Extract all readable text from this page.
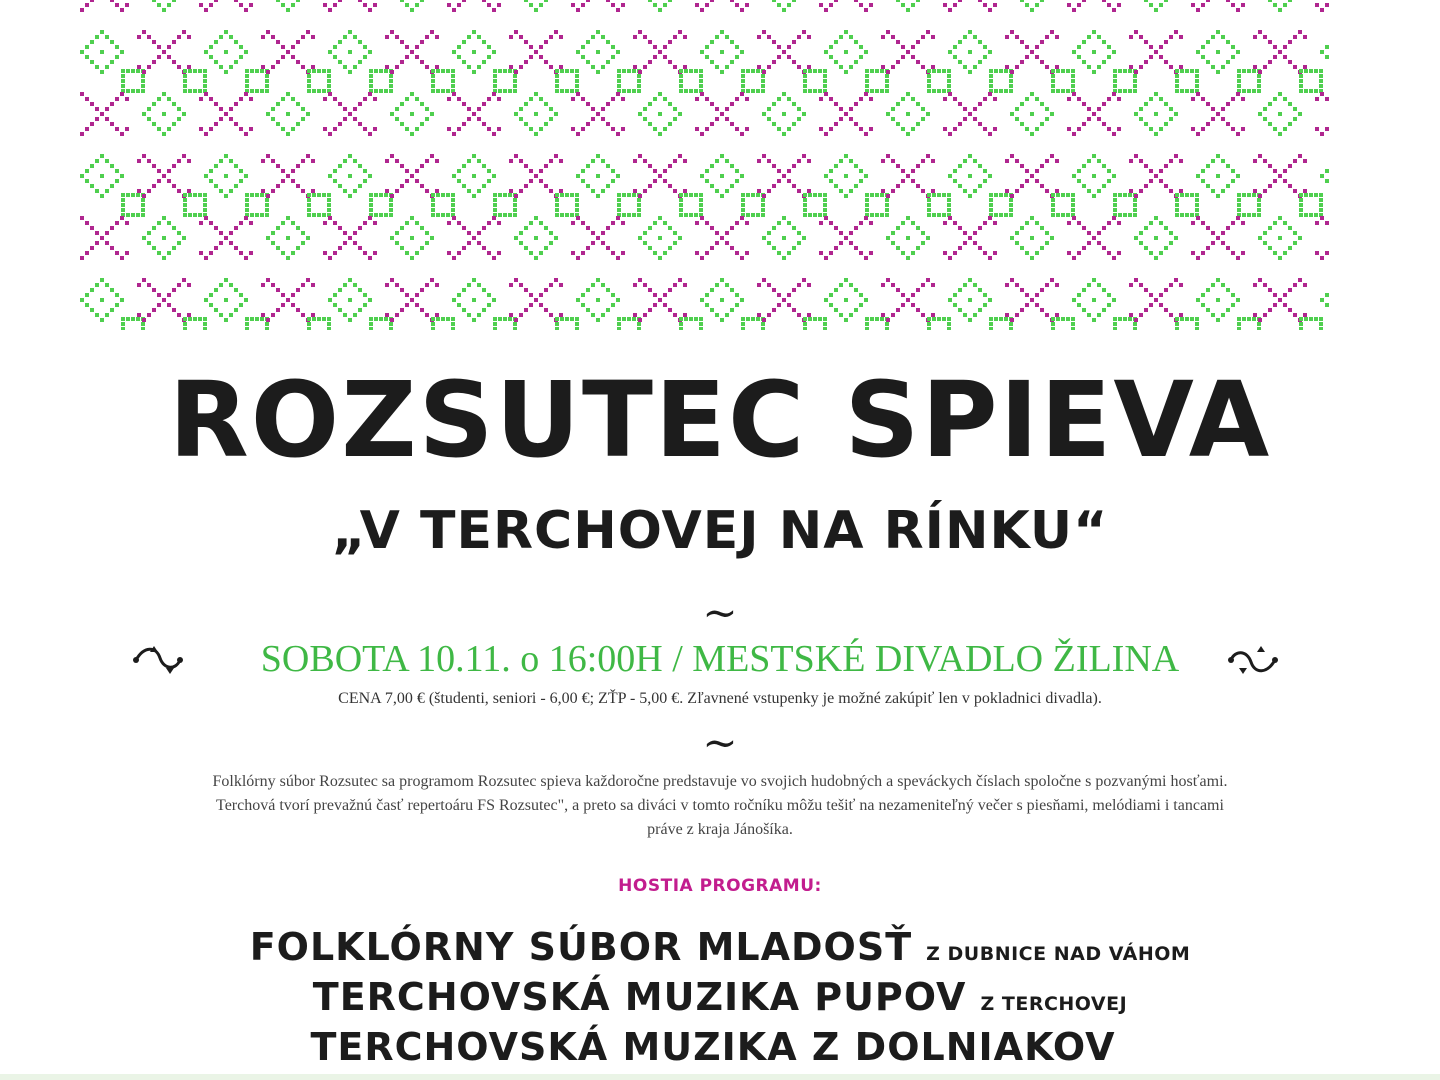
ROZSUTEC SPIEVA
„V TERCHOVEJ NA RÍNKU“
~
SOBOTA 10.11. o 16:00H / MESTSKÉ DIVADLO ŽILINA
CENA 7,00 € (študenti, seniori - 6,00 €; ZŤP - 5,00 €. Zľavnené vstupenky je možné zakúpiť len v pokladnici divadla).
~
Folklórny súbor Rozsutec sa programom Rozsutec spieva každoročne predstavuje vo svojich hudobných a speváckych číslach spoločne s pozvanými hosťami. Terchová tvorí prevažnú časť repertoáru FS Rozsutec", a preto sa diváci v tomto ročníku môžu tešiť na nezameniteľný večer s piesňami, melódiami i tancami práve z kraja Jánošíka.
HOSTIA PROGRAMU:
FOLKLÓRNY SÚBOR MLADOSŤ Z DUBNICE NAD VÁHOM
TERCHOVSKÁ MUZIKA PUPOV Z TERCHOVEJ
TERCHOVSKÁ MUZIKA Z DOLNIAKOV
